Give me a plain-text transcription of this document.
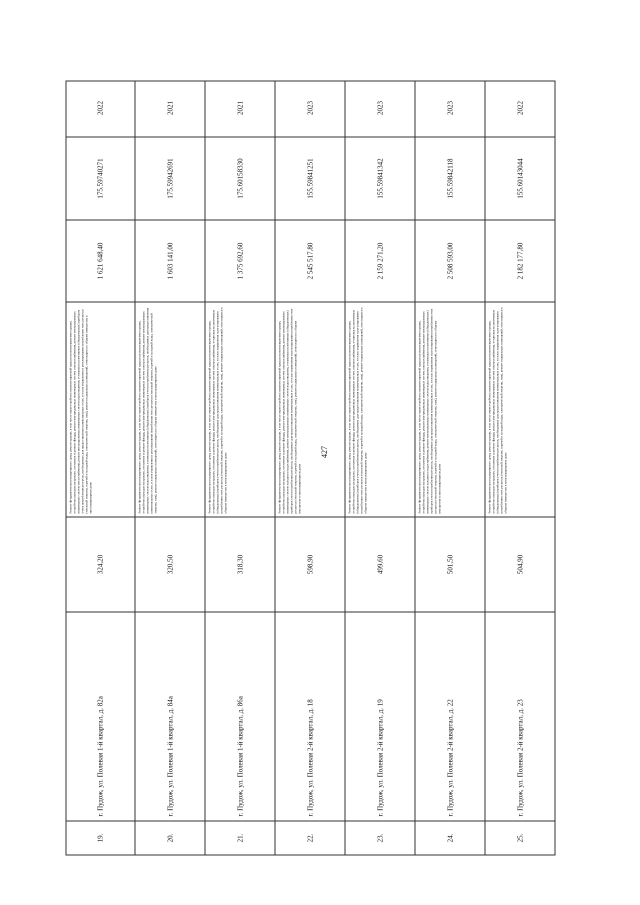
427
19.
г. Пудож, ул. Полевая 1-й квартал, д. 82а
324,20
Ремонт фундамента многоквартирного дома, ремонт крыши, в том числе переустройство невентилируемой крыши на вентилируемую крышу, устройство выходов на кровлю, утепление и ремонт фасада, ремонт внутридомовых инженерных систем электроснабжения, ремонт внутридомовых инженерных систем теплоснабжения, ремонт внутридомовых инженерных систем водоотведения, установка коллективных (общедомовых) приборов учета потребления ресурсов, необходимых для предоставления коммунальных услуг, и узлов управления и регулирования потребления этих ресурсов (тепловой энергии, горячей и холодной воды, электрической энергии, газа), ремонт подвальных помещений, относящихся к общему имуществу в многоквартирном доме
1 621 648,40
175.59740271
2022
20.
г. Пудож, ул. Полевая 1-й квартал, д. 84а
320,50
Ремонт фундамента многоквартирного дома, ремонт крыши, в том числе переустройство невентилируемой крыши на вентилируемую крышу, устройство выходов на кровлю, утепление и ремонт фасада, ремонт внутридомовых инженерных систем электроснабжения, ремонт внутридомовых инженерных систем водоотведения, установка коллективных (общедомовых) приборов учета потребления ресурсов, необходимых для предоставления коммунальных услуг, и узлов управления и регулирования потребления этих ресурсов (тепловой энергии, горячей и холодной воды, электрической энергии, газа), ремонт подвальных помещений, относящихся к общему имуществу в многоквартирном доме
1 603 141,00
175.59942691
2021
21.
г. Пудож, ул. Полевая 1-й квартал, д. 86а
318,30
Ремонт фундамента многоквартирного дома, ремонт крыши, в том числе переустройство невентилируемой крыши на вентилируемую крышу, устройство выходов на кровлю, утепление и ремонт фасада, ремонт внутридомовых инженерных систем электроснабжения, установка коллективных (общедомовых) приборов учета потребления ресурсов, необходимых для предоставления коммунальных услуг, и узлов управления и регулирования потребления этих ресурсов (тепловой энергии, горячей и холодной воды, электрической энергии, газа), ремонт подвальных помещений, относящихся к общему имуществу в многоквартирном доме
1 375 692,60
175.60158330
2021
22.
г. Пудож, ул. Полевая 2-й квартал, д. 18
598,90
Ремонт фундамента многоквартирного дома, ремонт крыши, в том числе переустройство невентилируемой крыши на вентилируемую крышу, устройство выходов на кровлю, утепление и ремонт фасада, ремонт внутридомовых инженерных систем электроснабжения, ремонт внутридомовых инженерных систем холодного водоснабжения, ремонт внутридомовых инженерных систем водоотведения, установка коллективных (общедомовых) приборов учета потребления ресурсов, необходимых для предоставления коммунальных услуг, и узлов управления и регулирования потребления этих ресурсов (тепловой энергии, горячей и холодной воды, электрической энергии, газа), ремонт подвальных помещений, относящихся к общему имуществу в многоквартирном доме
2 545 517,80
155.59841251
2023
23.
г. Пудож, ул. Полевая 2-й квартал, д. 19
499,60
Ремонт фундамента многоквартирного дома, ремонт крыши, в том числе переустройство невентилируемой крыши на вентилируемую крышу, устройство выходов на кровлю, утепление и ремонт фасада, ремонт внутридомовых инженерных систем электроснабжения, установка коллективных (общедомовых) приборов учета потребления ресурсов, необходимых для предоставления коммунальных услуг, и узлов управления и регулирования потребления этих ресурсов (тепловой энергии, горячей и холодной воды, электрической энергии, газа), ремонт подвальных помещений, относящихся к общему имуществу в многоквартирном доме
2 159 271,20
155.59841342
2023
24.
г. Пудож, ул. Полевая 2-й квартал, д. 22
501,50
Ремонт фундамента многоквартирного дома, ремонт крыши, в том числе переустройство невентилируемой крыши на вентилируемую крышу, устройство выходов на кровлю, утепление и ремонт фасада, ремонт внутридомовых инженерных систем электроснабжения, ремонт внутридомовых инженерных систем холодного водоснабжения, ремонт внутридомовых инженерных систем водоотведения, установка коллективных (общедомовых) приборов учета потребления ресурсов, необходимых для предоставления коммунальных услуг, и узлов управления и регулирования потребления этих ресурсов (тепловой энергии, горячей и холодной воды, электрической энергии, газа), ремонт подвальных помещений, относящихся к общему имуществу в многоквартирном доме
2 508 593,00
155.59842118
2023
25.
г. Пудож, ул. Полевая 2-й квартал, д. 23
504,90
Ремонт фундамента многоквартирного дома, ремонт крыши, в том числе переустройство невентилируемой крыши на вентилируемую крышу, устройство выходов на кровлю, утепление и ремонт фасада, ремонт внутридомовых инженерных систем электроснабжения, установка коллективных (общедомовых) приборов учета потребления ресурсов, необходимых для предоставления коммунальных услуг, и узлов управления и регулирования потребления этих ресурсов (тепловой энергии, горячей и холодной воды, электрической энергии, газа), ремонт подвальных помещений, относящихся к общему имуществу в многоквартирном доме
2 182 177,80
155.60143044
2022
